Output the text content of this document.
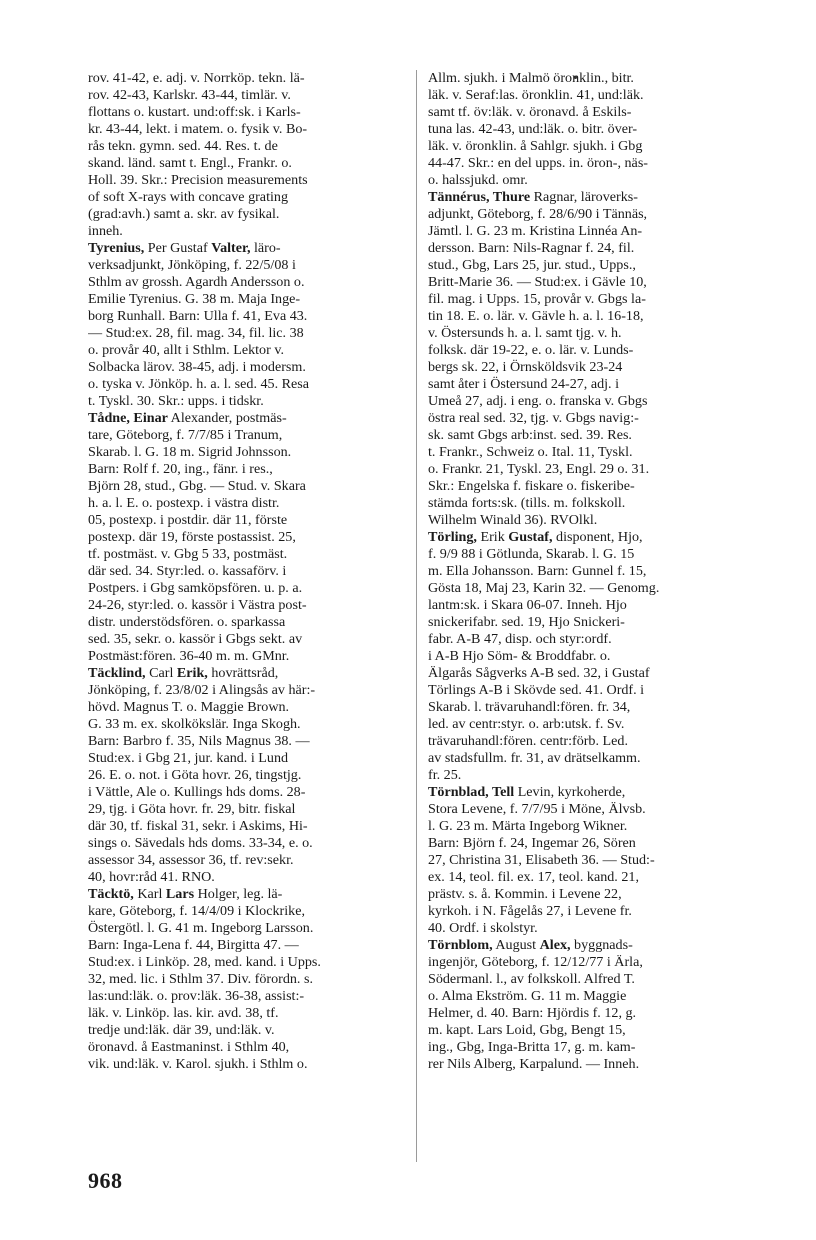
rov. 41-42, e. adj. v. Norrköp. tekn. lä-
rov. 42-43, Karlskr. 43-44, timlär. v.
flottans o. kustart. und:off:sk. i Karls-
kr. 43-44, lekt. i matem. o. fysik v. Bo-
rås tekn. gymn. sed. 44. Res. t. de
skand. länd. samt t. Engl., Frankr. o.
Holl. 39. Skr.: Precision measurements
of soft X-rays with concave grating
(grad:avh.) samt a. skr. av fysikal.
inneh.
Tyrenius, Per Gustaf Valter, läro-
verksadjunkt, Jönköping, f. 22/5/08 i
Sthlm av grossh. Agardh Andersson o.
Emilie Tyrenius. G. 38 m. Maja Inge-
borg Runhall. Barn: Ulla f. 41, Eva 43.
— Stud:ex. 28, fil. mag. 34, fil. lic. 38
o. provår 40, allt i Sthlm. Lektor v.
Solbacka lärov. 38-45, adj. i modersm.
o. tyska v. Jönköp. h. a. l. sed. 45. Resa
t. Tyskl. 30. Skr.: upps. i tidskr.
Tådne, Einar Alexander, postmäs-
tare, Göteborg, f. 7/7/85 i Tranum,
Skarab. l. G. 18 m. Sigrid Johnsson.
Barn: Rolf f. 20, ing., fänr. i res.,
Björn 28, stud., Gbg. — Stud. v. Skara
h. a. l. E. o. postexp. i västra distr.
05, postexp. i postdir. där 11, förste
postexp. där 19, förste postassist. 25,
tf. postmäst. v. Gbg 5 33, postmäst.
där sed. 34. Styr:led. o. kassaförv. i
Postpers. i Gbg samköpsfören. u. p. a.
24-26, styr:led. o. kassör i Västra post-
distr. understödsfören. o. sparkassa
sed. 35, sekr. o. kassör i Gbgs sekt. av
Postmäst:fören. 36-40 m. m. GMnr.
Täcklind, Carl Erik, hovrättsråd,
Jönköping, f. 23/8/02 i Alingsås av här:-
hövd. Magnus T. o. Maggie Brown.
G. 33 m. ex. skolkökslär. Inga Skogh.
Barn: Barbro f. 35, Nils Magnus 38. —
Stud:ex. i Gbg 21, jur. kand. i Lund
26. E. o. not. i Göta hovr. 26, tingstjg.
i Vättle, Ale o. Kullings hds doms. 28-
29, tjg. i Göta hovr. fr. 29, bitr. fiskal
där 30, tf. fiskal 31, sekr. i Askims, Hi-
sings o. Sävedals hds doms. 33-34, e. o.
assessor 34, assessor 36, tf. rev:sekr.
40, hovr:råd 41. RNO.
Täcktö, Karl Lars Holger, leg. lä-
kare, Göteborg, f. 14/4/09 i Klockrike,
Östergötl. l. G. 41 m. Ingeborg Larsson.
Barn: Inga-Lena f. 44, Birgitta 47. —
Stud:ex. i Linköp. 28, med. kand. i Upps.
32, med. lic. i Sthlm 37. Div. förordn. s.
las:und:läk. o. prov:läk. 36-38, assist:-
läk. v. Linköp. las. kir. avd. 38, tf.
tredje und:läk. där 39, und:läk. v.
öronavd. å Eastmaninst. i Sthlm 40,
vik. und:läk. v. Karol. sjukh. i Sthlm o.
Allm. sjukh. i Malmö öronklin., bitr.
läk. v. Seraf:las. öronklin. 41, und:läk.
samt tf. öv:läk. v. öronavd. å Eskils-
tuna las. 42-43, und:läk. o. bitr. över-
läk. v. öronklin. å Sahlgr. sjukh. i Gbg
44-47. Skr.: en del upps. in. öron-, näs-
o. halssjukd. omr.
Tännérus, Thure Ragnar, läroverks-
adjunkt, Göteborg, f. 28/6/90 i Tännäs,
Jämtl. l. G. 23 m. Kristina Linnéa An-
dersson. Barn: Nils-Ragnar f. 24, fil.
stud., Gbg, Lars 25, jur. stud., Upps.,
Britt-Marie 36. — Stud:ex. i Gävle 10,
fil. mag. i Upps. 15, provår v. Gbgs la-
tin 18. E. o. lär. v. Gävle h. a. l. 16-18,
v. Östersunds h. a. l. samt tjg. v. h.
folksk. där 19-22, e. o. lär. v. Lunds-
bergs sk. 22, i Örnsköldsvik 23-24
samt åter i Östersund 24-27, adj. i
Umeå 27, adj. i eng. o. franska v. Gbgs
östra real sed. 32, tjg. v. Gbgs navig:-
sk. samt Gbgs arb:inst. sed. 39. Res.
t. Frankr., Schweiz o. Ital. 11, Tyskl.
o. Frankr. 21, Tyskl. 23, Engl. 29 o. 31.
Skr.: Engelska f. fiskare o. fiskeribe-
stämda forts:sk. (tills. m. folkskoll.
Wilhelm Winald 36). RVOlkl.
Törling, Erik Gustaf, disponent, Hjo,
f. 9/9 88 i Götlunda, Skarab. l. G. 15
m. Ella Johansson. Barn: Gunnel f. 15,
Gösta 18, Maj 23, Karin 32. — Genomg.
lantm:sk. i Skara 06-07. Inneh. Hjo
snickerifabr. sed. 19, Hjo Snickeri-
fabr. A-B 47, disp. och styr:ordf.
i A-B Hjo Söm- & Broddfabr. o.
Älgarås Sågverks A-B sed. 32, i Gustaf
Törlings A-B i Skövde sed. 41. Ordf. i
Skarab. l. trävaruhandl:fören. fr. 34,
led. av centr:styr. o. arb:utsk. f. Sv.
trävaruhandl:fören. centr:förb. Led.
av stadsfullm. fr. 31, av drätselkamm.
fr. 25.
Törnblad, Tell Levin, kyrkoherde,
Stora Levene, f. 7/7/95 i Möne, Älvsb.
l. G. 23 m. Märta Ingeborg Wikner.
Barn: Björn f. 24, Ingemar 26, Sören
27, Christina 31, Elisabeth 36. — Stud:-
ex. 14, teol. fil. ex. 17, teol. kand. 21,
prästv. s. å. Kommin. i Levene 22,
kyrkoh. i N. Fågelås 27, i Levene fr.
40. Ordf. i skolstyr.
Törnblom, August Alex, byggnads-
ingenjör, Göteborg, f. 12/12/77 i Ärla,
Södermanl. l., av folkskoll. Alfred T.
o. Alma Ekström. G. 11 m. Maggie
Helmer, d. 40. Barn: Hjördis f. 12, g.
m. kapt. Lars Loid, Gbg, Bengt 15,
ing., Gbg, Inga-Britta 17, g. m. kam-
rer Nils Alberg, Karpalund. — Inneh.
968
